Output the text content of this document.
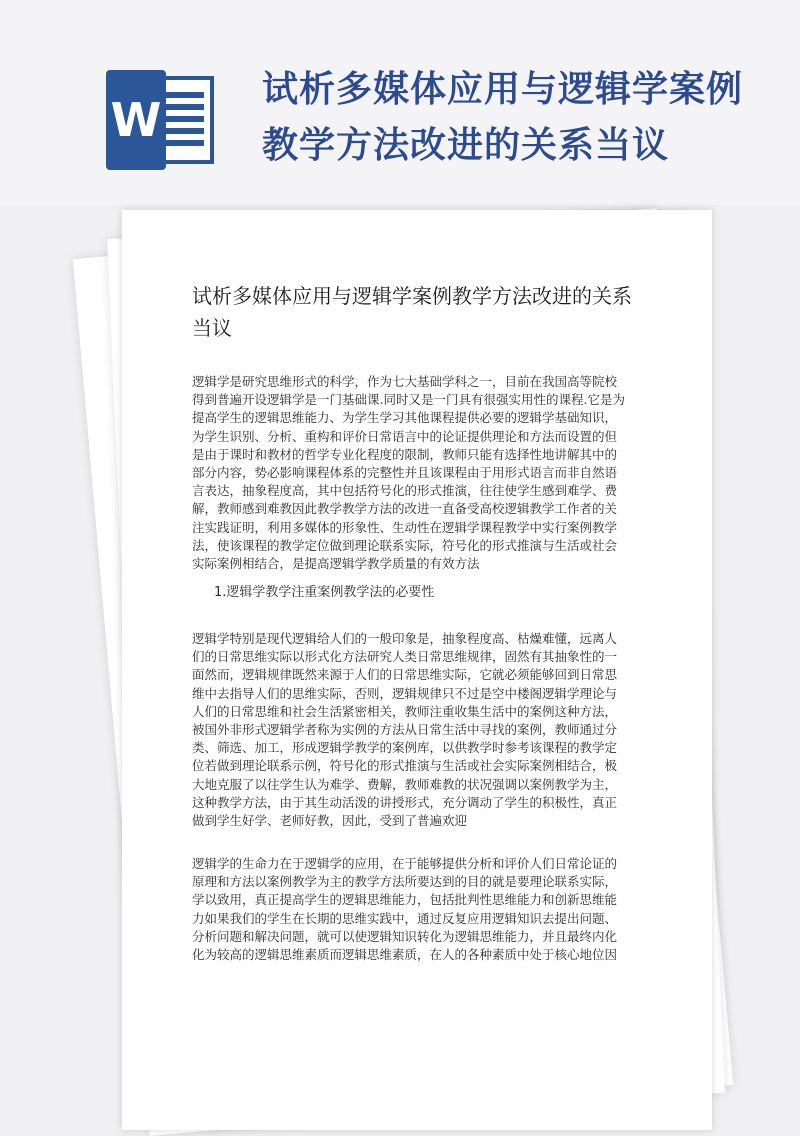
W
试析多媒体应用与逻辑学案例
教学方法改进的关系当议
试析多媒体应用与逻辑学案例教学方法改进的关系
当议
逻辑学是研究思维形式的科学，作为七大基础学科之一，目前在我国高等院校
得到普遍开设逻辑学是一门基础课.同时又是一门具有很强实用性的课程.它是为
提高学生的逻辑思维能力、为学生学习其他课程提供必要的逻辑学基础知识，
为学生识别、分析、重构和评价日常语言中的论证提供理论和方法而设置的但
是由于课时和教材的哲学专业化程度的限制，教师只能有选择性地讲解其中的
部分内容，势必影响课程体系的完整性并且该课程由于用形式语言而非自然语
言表达，抽象程度高，其中包括符号化的形式推演，往往使学生感到难学、费
解，教师感到难教因此教学教学方法的改进一直备受高校逻辑教学工作者的关
注实践证明，利用多媒体的形象性、生动性在逻辑学课程教学中实行案例教学
法，使该课程的教学定位做到理论联系实际，符号化的形式推演与生活或社会
实际案例相结合，是提高逻辑学教学质量的有效方法
1.逻辑学教学注重案例教学法的必要性
逻辑学特别是现代逻辑给人们的一般印象是，抽象程度高、枯燥难懂，远离人
们的日常思维实际以形式化方法研究人类日常思维规律，固然有其抽象性的一
面然而，逻辑规律既然来源于人们的日常思维实际，它就必须能够回到日常思
维中去指导人们的思维实际，否则，逻辑规律只不过是空中楼阁逻辑学理论与
人们的日常思维和社会生活紧密相关，教师注重收集生活中的案例这种方法，
被国外非形式逻辑学者称为实例的方法从日常生活中寻找的案例，教师通过分
类、筛选、加工，形成逻辑学教学的案例库，以供教学时参考该课程的教学定
位若做到理论联系示例，符号化的形式推演与生活或社会实际案例相结合，极
大地克服了以往学生认为难学、费解，教师难教的状况强调以案例教学为主，
这种教学方法，由于其生动活泼的讲授形式，充分调动了学生的积极性，真正
做到学生好学、老师好教，因此，受到了普遍欢迎
逻辑学的生命力在于逻辑学的应用，在于能够提供分析和评价人们日常论证的
原理和方法以案例教学为主的教学方法所要达到的目的就是要理论联系实际，
学以致用，真正提高学生的逻辑思维能力，包括批判性思维能力和创新思维能
力如果我们的学生在长期的思维实践中，通过反复应用逻辑知识去提出问题、
分析问题和解决问题，就可以使逻辑知识转化为逻辑思维能力，并且最终内化
化为较高的逻辑思维素质而逻辑思维素质，在人的各种素质中处于核心地位因
